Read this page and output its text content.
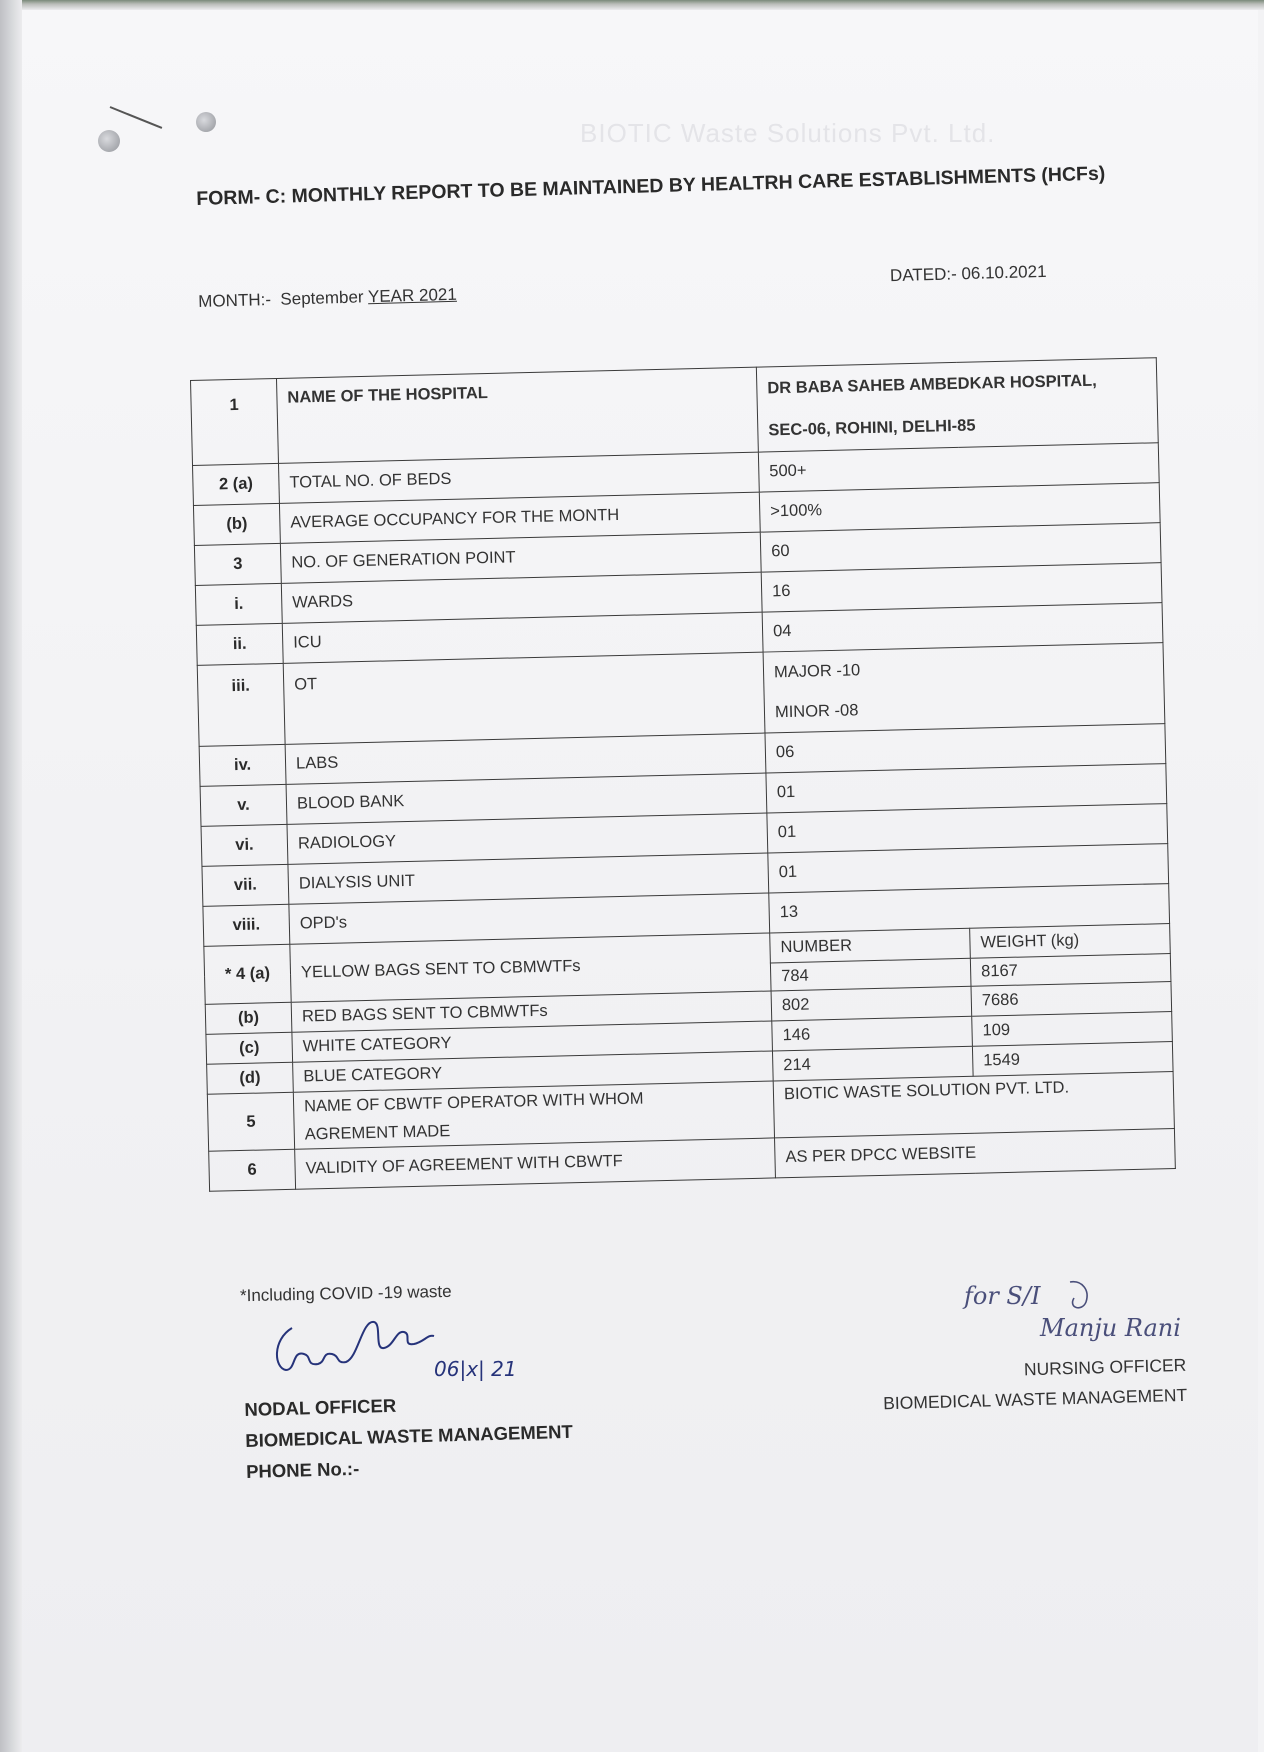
BIOTIC Waste Solutions Pvt. Ltd.
FORM- C: MONTHLY REPORT TO BE MAINTAINED BY HEALTRH CARE ESTABLISHMENTS (HCFs)
DATED:- 06.10.2021
MONTH:- September YEAR 2021
1	NAME OF THE HOSPITAL	DR BABA SAHEB AMBEDKAR HOSPITAL,
SEC-06, ROHINI, DELHI-85	

2 (a)	TOTAL NO. OF BEDS	500+	
(b)	AVERAGE OCCUPANCY FOR THE MONTH	>100%	
3	NO. OF GENERATION POINT	60	
i.	WARDS	16	
ii.	ICU	04	
iii.	OT	MAJOR -10
MINOR -08	

iv.	LABS	06	
v.	BLOOD BANK	01	
vi.	RADIOLOGY	01	
vii.	DIALYSIS UNIT	01	
viii.	OPD's	13	
* 4 (a)	YELLOW BAGS SENT TO CBMWTFs	NUMBER	WEIGHT (kg)
		784	8167
(b)	RED BAGS SENT TO CBMWTFs	802	7686
(c)	WHITE CATEGORY	146	109
(d)	BLUE CATEGORY	214	1549
5	NAME OF CBWTF OPERATOR WITH WHOM
AGREMENT MADE	BIOTIC WASTE SOLUTION PVT. LTD.	
6	VALIDITY OF AGREEMENT WITH CBWTF	AS PER DPCC WEBSITE	
*Including COVID -19 waste
06|x| 21
NODAL OFFICER
BIOMEDICAL WASTE MANAGEMENT
PHONE No.:-
for S/I
Manju Rani
NURSING OFFICER
BIOMEDICAL WASTE MANAGEMENT
